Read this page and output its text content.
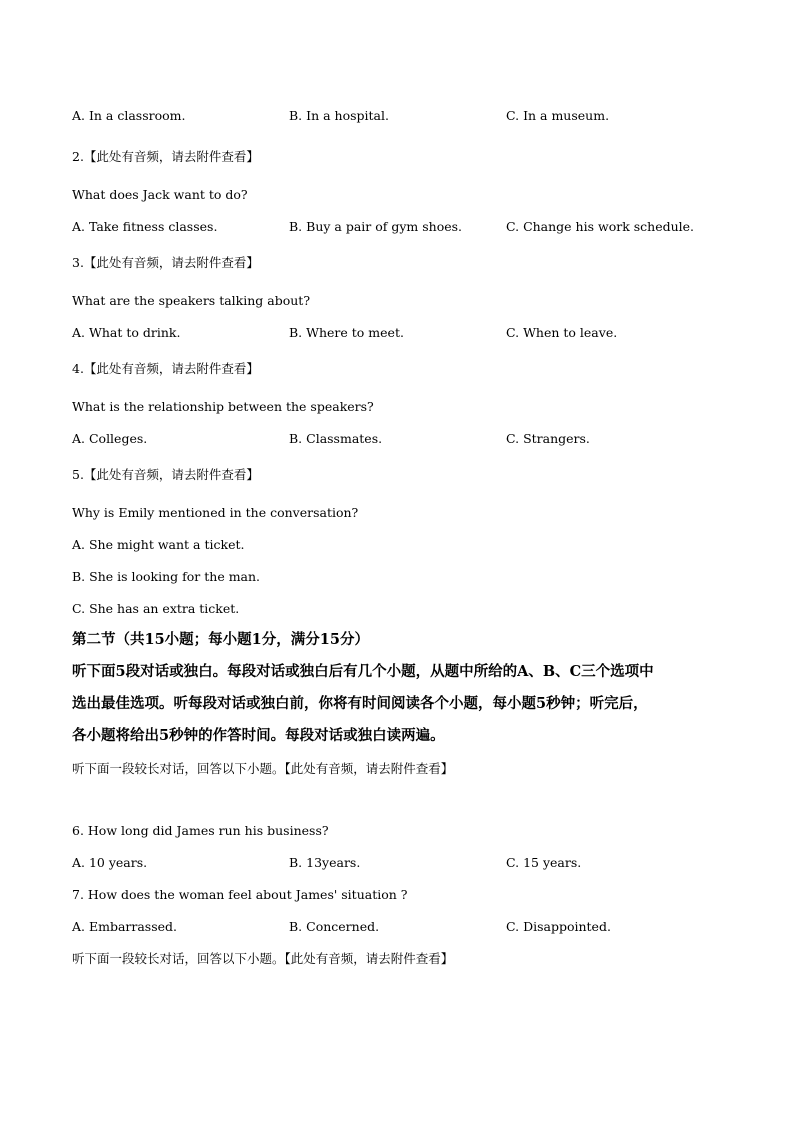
A. In a classroom.	B. In a hospital.	C. In a museum.
2.【此处有音频，请去附件查看】
What does Jack want to do?
A. Take fitness classes.	B. Buy a pair of gym shoes.	C. Change his work schedule.
3.【此处有音频，请去附件查看】
What are the speakers talking about?
A. What to drink.	B. Where to meet.	C. When to leave.
4.【此处有音频，请去附件查看】
What is the relationship between the speakers?
A. Colleges.	B. Classmates.	C. Strangers.
5.【此处有音频，请去附件查看】
Why is Emily mentioned in the conversation?
A. She might want a ticket.
B. She is looking for the man.
C. She has an extra ticket.
第二节（共15小题；每小题1分，满分15分）
听下面5段对话或独白。每段对话或独白后有几个小题，从题中所给的A、B、C三个选项中
选出最佳选项。听每段对话或独白前，你将有时间阅读各个小题，每小题5秒钟；听完后，
各小题将给出5秒钟的作答时间。每段对话或独白读两遍。
听下面一段较长对话，回答以下小题。【此处有音频，请去附件查看】
6. How long did James run his business?
A. 10 years.	B. 13years.	C. 15 years.
7. How does the woman feel about James' situation ?
A. Embarrassed.	B. Concerned.	C. Disappointed.
听下面一段较长对话，回答以下小题。【此处有音频，请去附件查看】
